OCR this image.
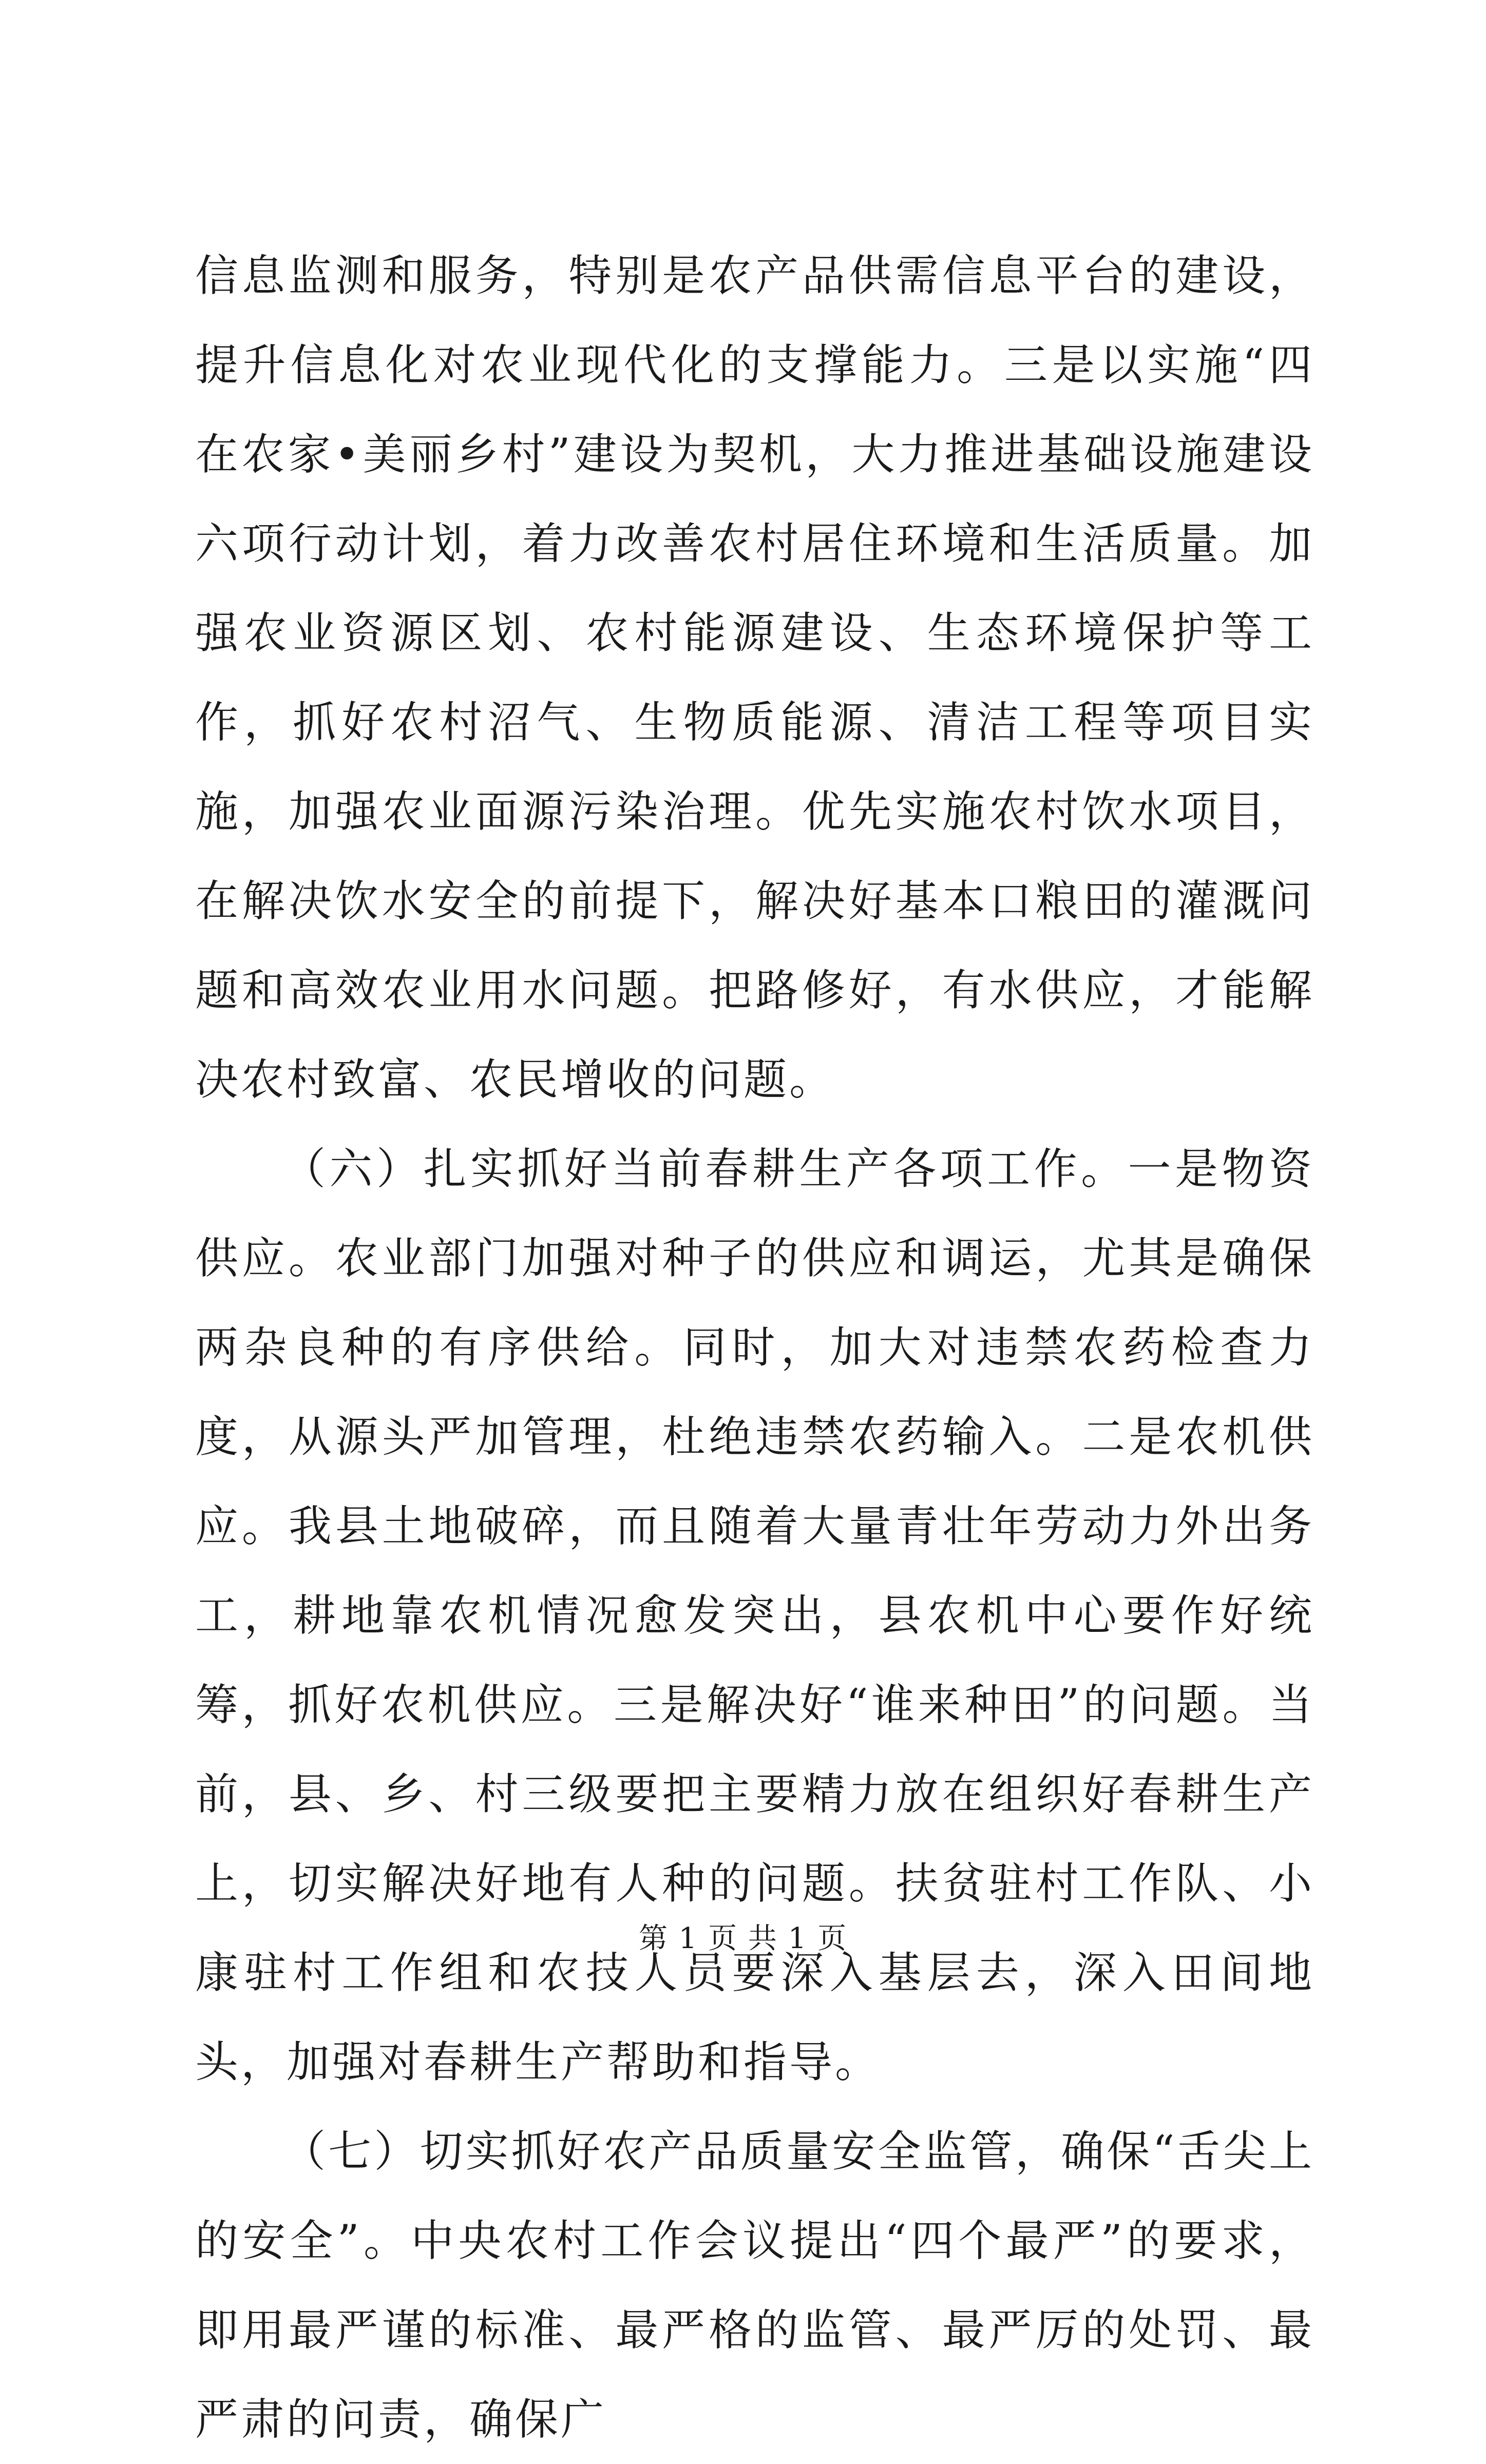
信息监测和服务，特别是农产品供需信息平台的建设，提升信息化对农业现代化的支撑能力。三是以实施“四在农家•美丽乡村”建设为契机，大力推进基础设施建设六项行动计划，着力改善农村居住环境和生活质量。加强农业资源区划、农村能源建设、生态环境保护等工作，抓好农村沼气、生物质能源、清洁工程等项目实施，加强农业面源污染治理。优先实施农村饮水项目，在解决饮水安全的前提下，解决好基本口粮田的灌溉问题和高效农业用水问题。把路修好，有水供应，才能解决农村致富、农民增收的问题。

（六）扎实抓好当前春耕生产各项工作。一是物资供应。农业部门加强对种子的供应和调运，尤其是确保两杂良种的有序供给。同时，加大对违禁农药检查力度，从源头严加管理，杜绝违禁农药输入。二是农机供应。我县土地破碎，而且随着大量青壮年劳动力外出务工，耕地靠农机情况愈发突出，县农机中心要作好统筹，抓好农机供应。三是解决好“谁来种田”的问题。当前，县、乡、村三级要把主要精力放在组织好春耕生产上，切实解决好地有人种的问题。扶贫驻村工作队、小康驻村工作组和农技人员要深入基层去，深入田间地头，加强对春耕生产帮助和指导。

（七）切实抓好农产品质量安全监管，确保“舌尖上的安全”。中央农村工作会议提出“四个最严”的要求，即用最严谨的标准、最严格的监管、最严厉的处罚、最严肃的问责，确保广

第 1 页 共 1 页
